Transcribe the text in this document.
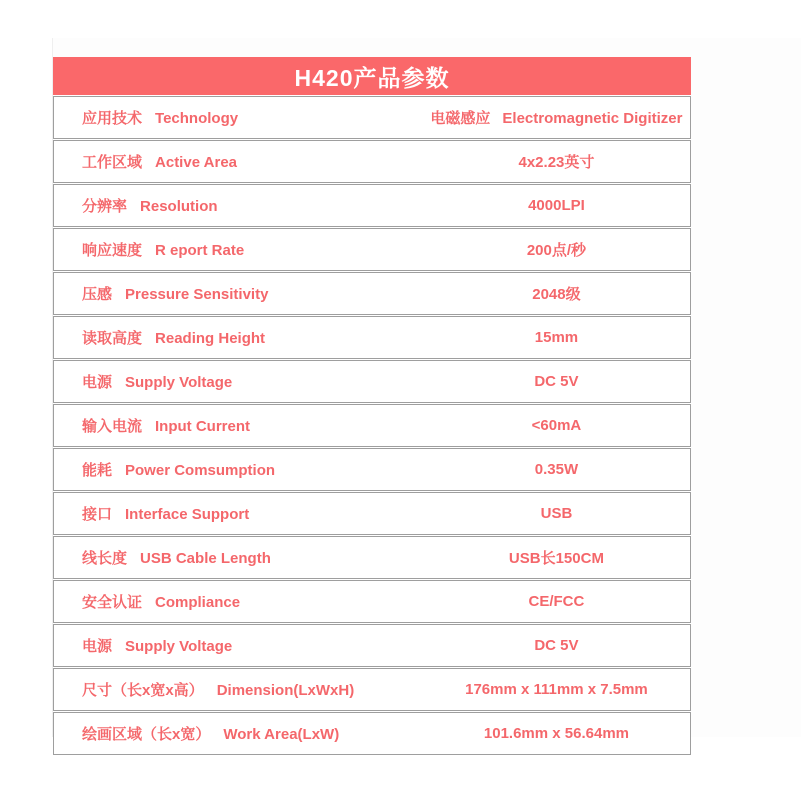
H420产品参数
应用技术 Technology	电磁感应 Electromagnetic Digitizer
工作区域 Active Area	4x2.23英寸
分辨率 Resolution	4000LPI
响应速度 R eport Rate	200点/秒
压感 Pressure Sensitivity	2048级
读取高度 Reading Height	15mm
电源 Supply Voltage	DC 5V
输入电流 Input Current	<60mA
能耗 Power Comsumption	0.35W
接口 Interface Support	USB
线长度 USB Cable Length	USB长150CM
安全认证 Compliance	CE/FCC
电源 Supply Voltage	DC 5V
尺寸（长x宽x高） Dimension(LxWxH)	176mm x 111mm x 7.5mm
绘画区域（长x宽） Work Area(LxW)	101.6mm x 56.64mm
